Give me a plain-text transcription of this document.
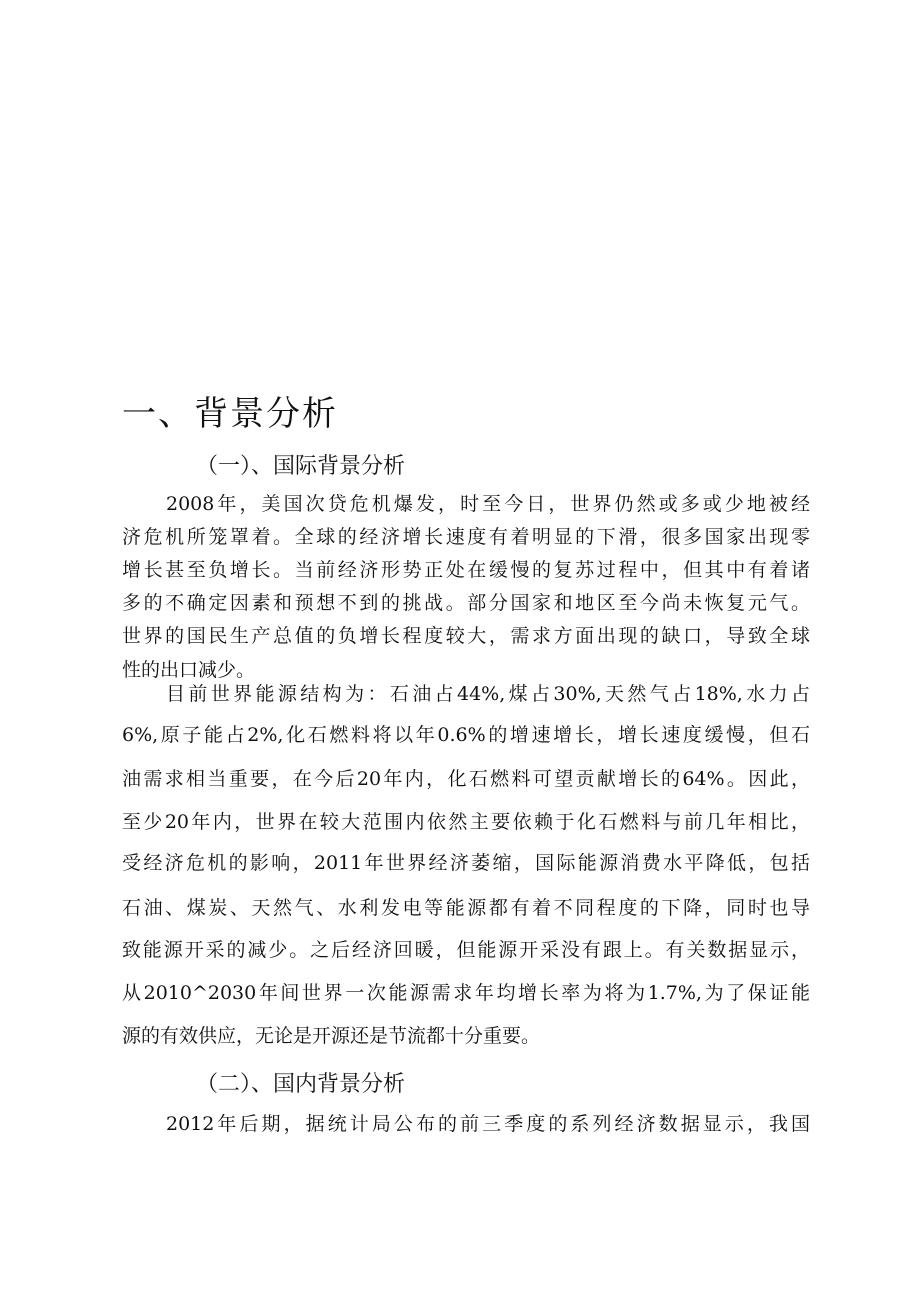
一、背景分析
（一）、国际背景分析
2008年，美国次贷危机爆发，时至今日，世界仍然或多或少地被经
济危机所笼罩着。全球的经济增长速度有着明显的下滑，很多国家出现零
增长甚至负增长。当前经济形势正处在缓慢的复苏过程中，但其中有着诸
多的不确定因素和预想不到的挑战。部分国家和地区至今尚未恢复元气。
世界的国民生产总值的负增长程度较大，需求方面出现的缺口，导致全球
性的出口减少。
目前世界能源结构为：石油占44%,煤占30%,天然气占18%,水力占
6%,原子能占2%,化石燃料将以年0.6%的增速增长，增长速度缓慢，但石
油需求相当重要，在今后20年内，化石燃料可望贡献增长的64%。因此，
至少20年内，世界在较大范围内依然主要依赖于化石燃料与前几年相比，
受经济危机的影响，2011年世界经济萎缩，国际能源消费水平降低，包括
石油、煤炭、天然气、水利发电等能源都有着不同程度的下降，同时也导
致能源开采的减少。之后经济回暖，但能源开采没有跟上。有关数据显示，
从2010^2030年间世界一次能源需求年均增长率为将为1.7%,为了保证能
源的有效供应，无论是开源还是节流都十分重要。
（二）、国内背景分析
2012年后期，据统计局公布的前三季度的系列经济数据显示，我国
